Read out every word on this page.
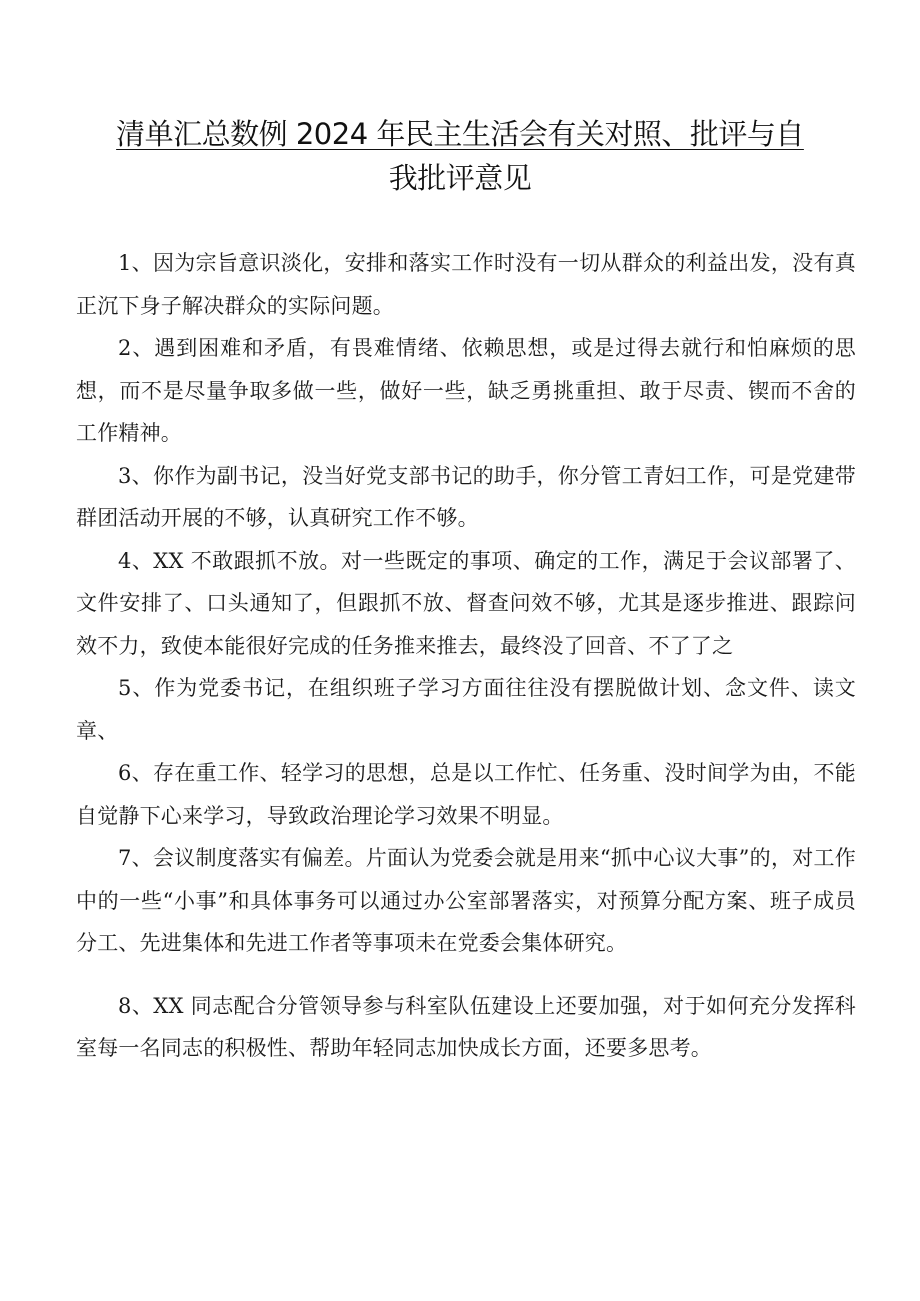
清单汇总数例 2024 年民主生活会有关对照、批评与自
我批评意见

1、因为宗旨意识淡化，安排和落实工作时没有一切从群众的利益出发，没有真正沉下身子解决群众的实际问题。

2、遇到困难和矛盾，有畏难情绪、依赖思想，或是过得去就行和怕麻烦的思想，而不是尽量争取多做一些，做好一些，缺乏勇挑重担、敢于尽责、锲而不舍的工作精神。

3、你作为副书记，没当好党支部书记的助手，你分管工青妇工作，可是党建带群团活动开展的不够，认真研究工作不够。

4、XX 不敢跟抓不放。对一些既定的事项、确定的工作，满足于会议部署了、文件安排了、口头通知了，但跟抓不放、督查问效不够，尤其是逐步推进、跟踪问效不力，致使本能很好完成的任务推来推去，最终没了回音、不了了之

5、作为党委书记，在组织班子学习方面往往没有摆脱做计划、念文件、读文章、

6、存在重工作、轻学习的思想，总是以工作忙、任务重、没时间学为由，不能自觉静下心来学习，导致政治理论学习效果不明显。

7、会议制度落实有偏差。片面认为党委会就是用来“抓中心议大事”的，对工作中的一些“小事”和具体事务可以通过办公室部署落实，对预算分配方案、班子成员分工、先进集体和先进工作者等事项未在党委会集体研究。

8、XX 同志配合分管领导参与科室队伍建设上还要加强，对于如何充分发挥科室每一名同志的积极性、帮助年轻同志加快成长方面，还要多思考。
